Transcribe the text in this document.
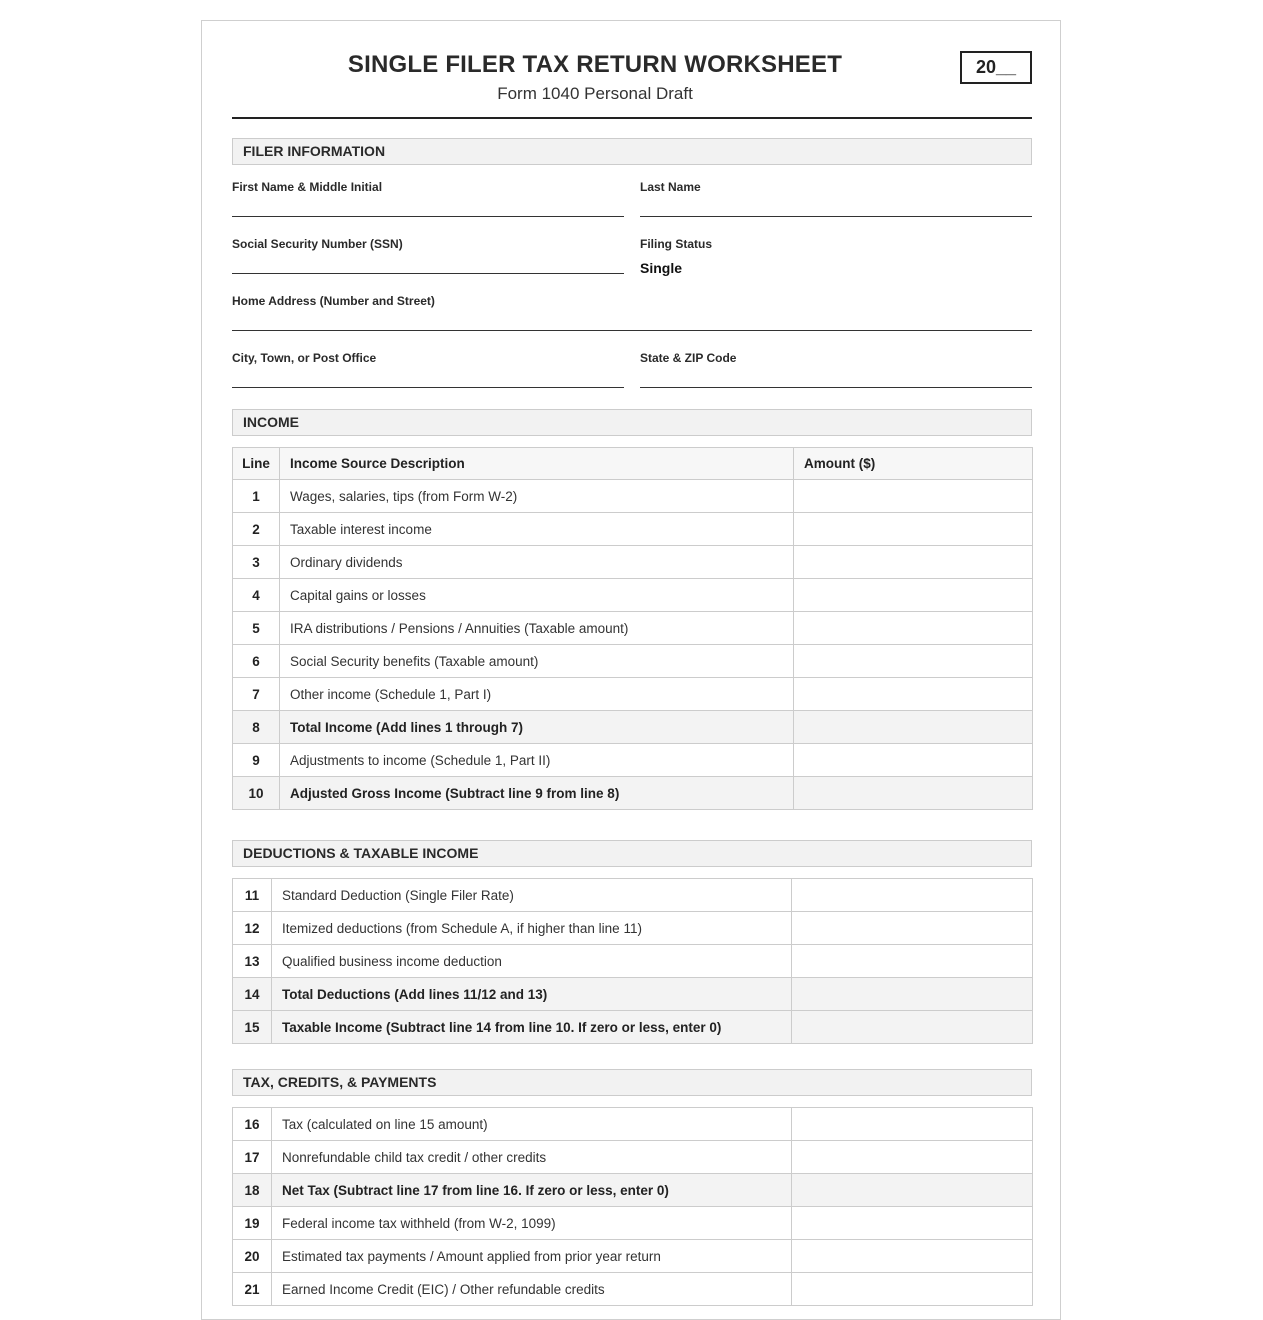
SINGLE FILER TAX RETURN WORKSHEET
Form 1040 Personal Draft
20__
FILER INFORMATION
First Name & Middle Initial	Last Name
Social Security Number (SSN)	Filing Status
Single
Home Address (Number and Street)
City, Town, or Post Office	State & ZIP Code
INCOME
Line	Income Source Description	Amount ($)
1	Wages, salaries, tips (from Form W-2)	
2	Taxable interest income	
3	Ordinary dividends	
4	Capital gains or losses	
5	IRA distributions / Pensions / Annuities (Taxable amount)	
6	Social Security benefits (Taxable amount)	
7	Other income (Schedule 1, Part I)	
8	Total Income (Add lines 1 through 7)	
9	Adjustments to income (Schedule 1, Part II)	
10	Adjusted Gross Income (Subtract line 9 from line 8)	
DEDUCTIONS & TAXABLE INCOME
11	Standard Deduction (Single Filer Rate)	
12	Itemized deductions (from Schedule A, if higher than line 11)	
13	Qualified business income deduction	
14	Total Deductions (Add lines 11/12 and 13)	
15	Taxable Income (Subtract line 14 from line 10. If zero or less, enter 0)	
TAX, CREDITS, & PAYMENTS
16	Tax (calculated on line 15 amount)	
17	Nonrefundable child tax credit / other credits	
18	Net Tax (Subtract line 17 from line 16. If zero or less, enter 0)	
19	Federal income tax withheld (from W-2, 1099)	
20	Estimated tax payments / Amount applied from prior year return	
21	Earned Income Credit (EIC) / Other refundable credits	
